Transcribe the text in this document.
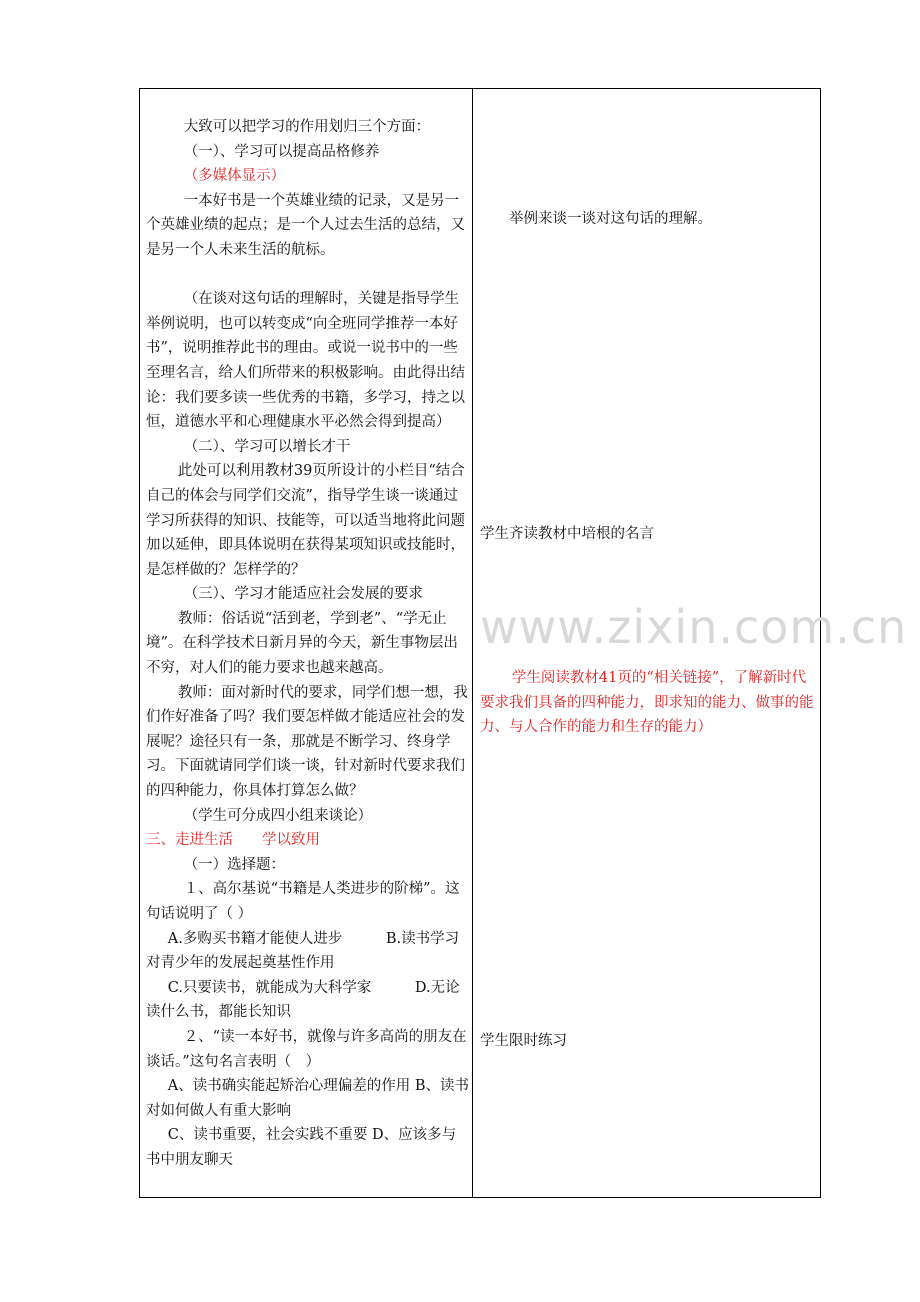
www.zixin.com.cn

大致可以把学习的作用划归三个方面：

（一）、学习可以提高品格修养

（多媒体显示）

一本好书是一个英雄业绩的记录，又是另一个英雄业绩的起点；是一个人过去生活的总结，又是另一个人未来生活的航标。

（在谈对这句话的理解时，关键是指导学生举例说明，也可以转变成“向全班同学推荐一本好书”，说明推荐此书的理由。或说一说书中的一些至理名言，给人们所带来的积极影响。由此得出结论：我们要多读一些优秀的书籍，多学习，持之以恒，道德水平和心理健康水平必然会得到提高）

（二）、学习可以增长才干

此处可以利用教材39页所设计的小栏目“结合自己的体会与同学们交流”，指导学生谈一谈通过学习所获得的知识、技能等，可以适当地将此问题加以延伸，即具体说明在获得某项知识或技能时，是怎样做的？怎样学的？

（三）、学习才能适应社会发展的要求

教师：俗话说“活到老，学到老”、“学无止境”。在科学技术日新月异的今天，新生事物层出不穷，对人们的能力要求也越来越高。

教师：面对新时代的要求，同学们想一想，我们作好准备了吗？我们要怎样做才能适应社会的发展呢？途径只有一条，那就是不断学习、终身学习。下面就请同学们谈一谈，针对新时代要求我们的四种能力，你具体打算怎么做？

（学生可分成四小组来谈论）

三、走进生活　　学以致用

（一）选择题：

１、高尔基说“书籍是人类进步的阶梯”。这句话说明了（ ）

A.多购买书籍才能使人进步　　　B.读书学习对青少年的发展起奠基性作用

C.只要读书，就能成为大科学家　　　D.无论读什么书，都能长知识

２、“读一本好书，就像与许多高尚的朋友在谈话。”这句名言表明（　）

A、读书确实能起矫治心理偏差的作用 B、读书对如何做人有重大影响

C、读书重要，社会实践不重要 D、应该多与书中朋友聊天

举例来谈一谈对这句话的理解。

学生齐读教材中培根的名言

学生阅读教材41页的“相关链接”，了解新时代要求我们具备的四种能力，即求知的能力、做事的能力、与人合作的能力和生存的能力）

学生限时练习
